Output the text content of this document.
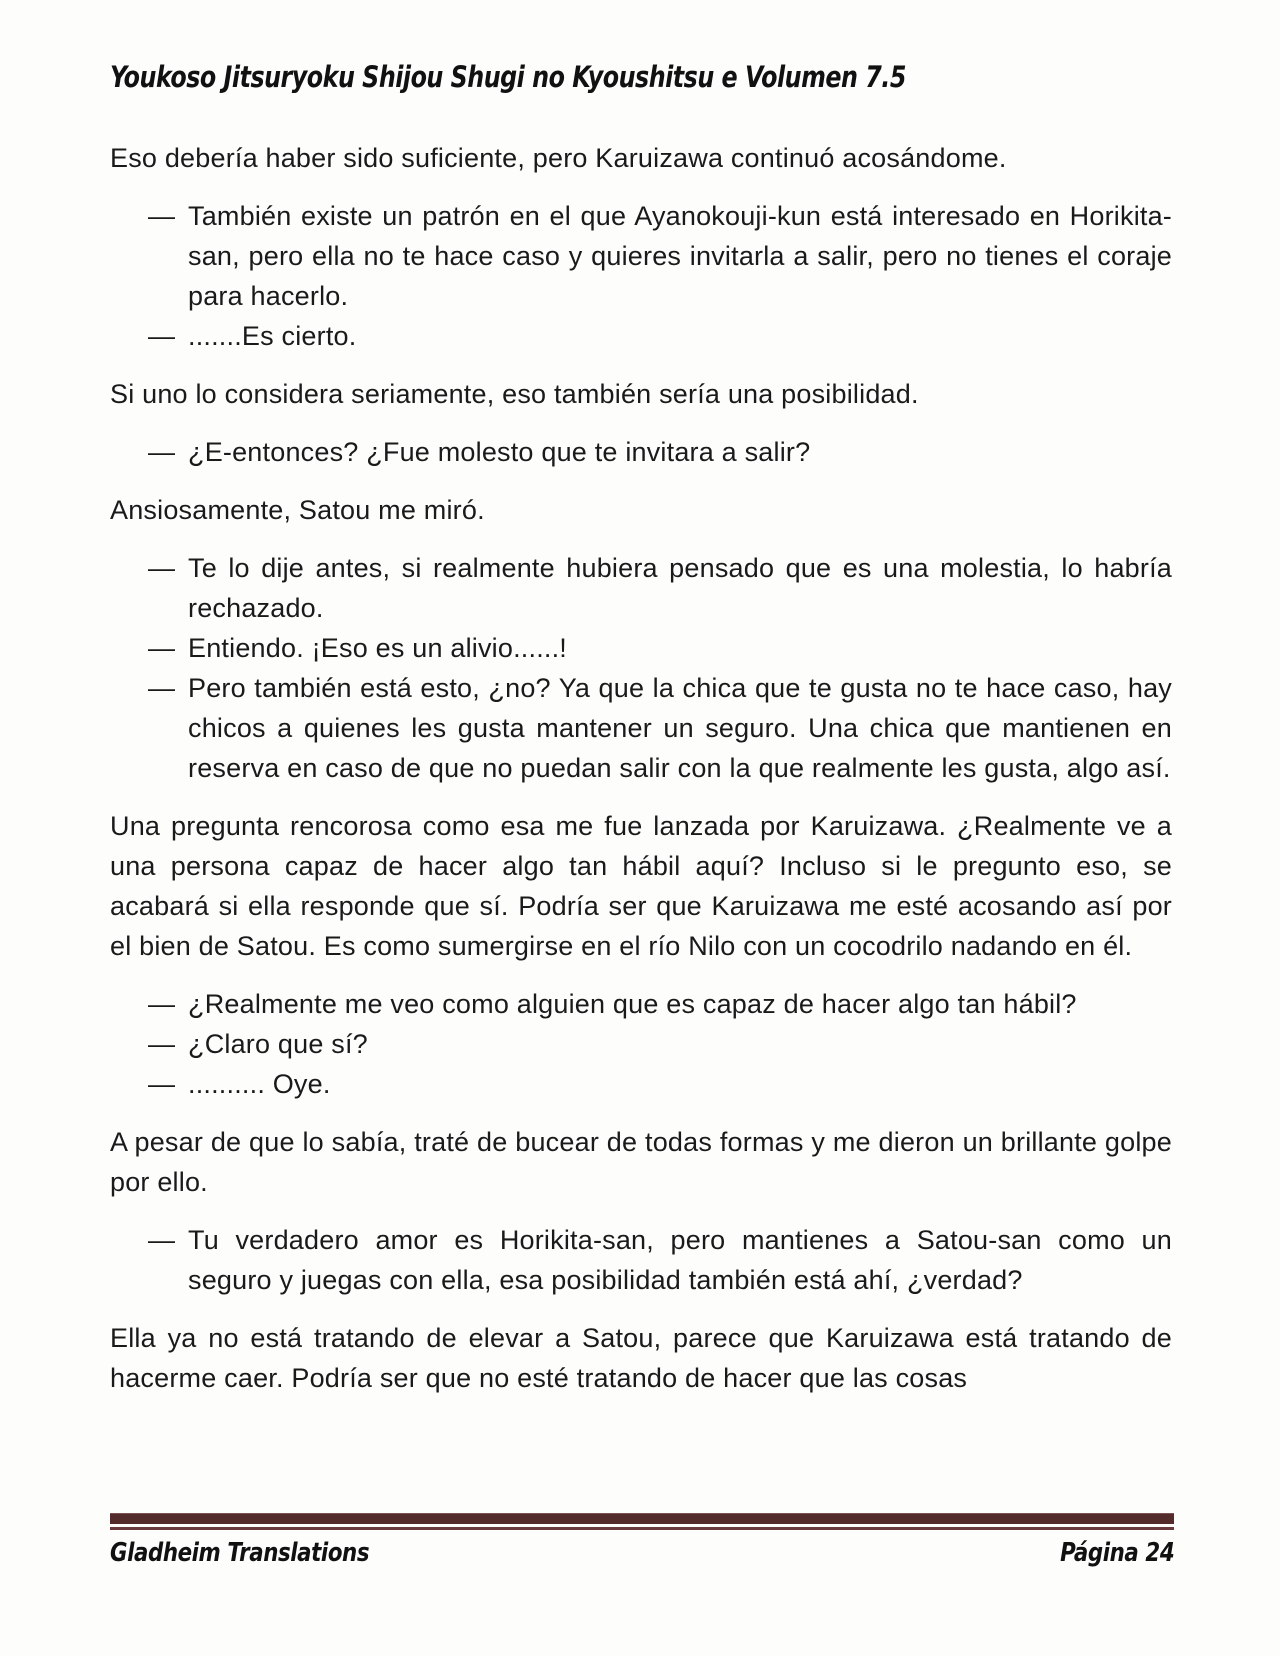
Youkoso Jitsuryoku Shijou Shugi no Kyoushitsu e Volumen 7.5

Eso debería haber sido suficiente, pero Karuizawa continuó acosándome.

— También existe un patrón en el que Ayanokouji-kun está interesado en Horikita-san, pero ella no te hace caso y quieres invitarla a salir, pero no tienes el coraje para hacerlo.

— .......Es cierto.

Si uno lo considera seriamente, eso también sería una posibilidad.

— ¿E-entonces? ¿Fue molesto que te invitara a salir?

Ansiosamente, Satou me miró.

— Te lo dije antes, si realmente hubiera pensado que es una molestia, lo habría rechazado.

— Entiendo. ¡Eso es un alivio......!

— Pero también está esto, ¿no? Ya que la chica que te gusta no te hace caso, hay chicos a quienes les gusta mantener un seguro. Una chica que mantienen en reserva en caso de que no puedan salir con la que realmente les gusta, algo así.

Una pregunta rencorosa como esa me fue lanzada por Karuizawa. ¿Realmente ve a una persona capaz de hacer algo tan hábil aquí? Incluso si le pregunto eso, se acabará si ella responde que sí. Podría ser que Karuizawa me esté acosando así por el bien de Satou. Es como sumergirse en el río Nilo con un cocodrilo nadando en él.

— ¿Realmente me veo como alguien que es capaz de hacer algo tan hábil?

— ¿Claro que sí?

— .......... Oye.

A pesar de que lo sabía, traté de bucear de todas formas y me dieron un brillante golpe por ello.

— Tu verdadero amor es Horikita-san, pero mantienes a Satou-san como un seguro y juegas con ella, esa posibilidad también está ahí, ¿verdad?

Ella ya no está tratando de elevar a Satou, parece que Karuizawa está tratando de hacerme caer. Podría ser que no esté tratando de hacer que las cosas

Gladheim Translations	Página 24
